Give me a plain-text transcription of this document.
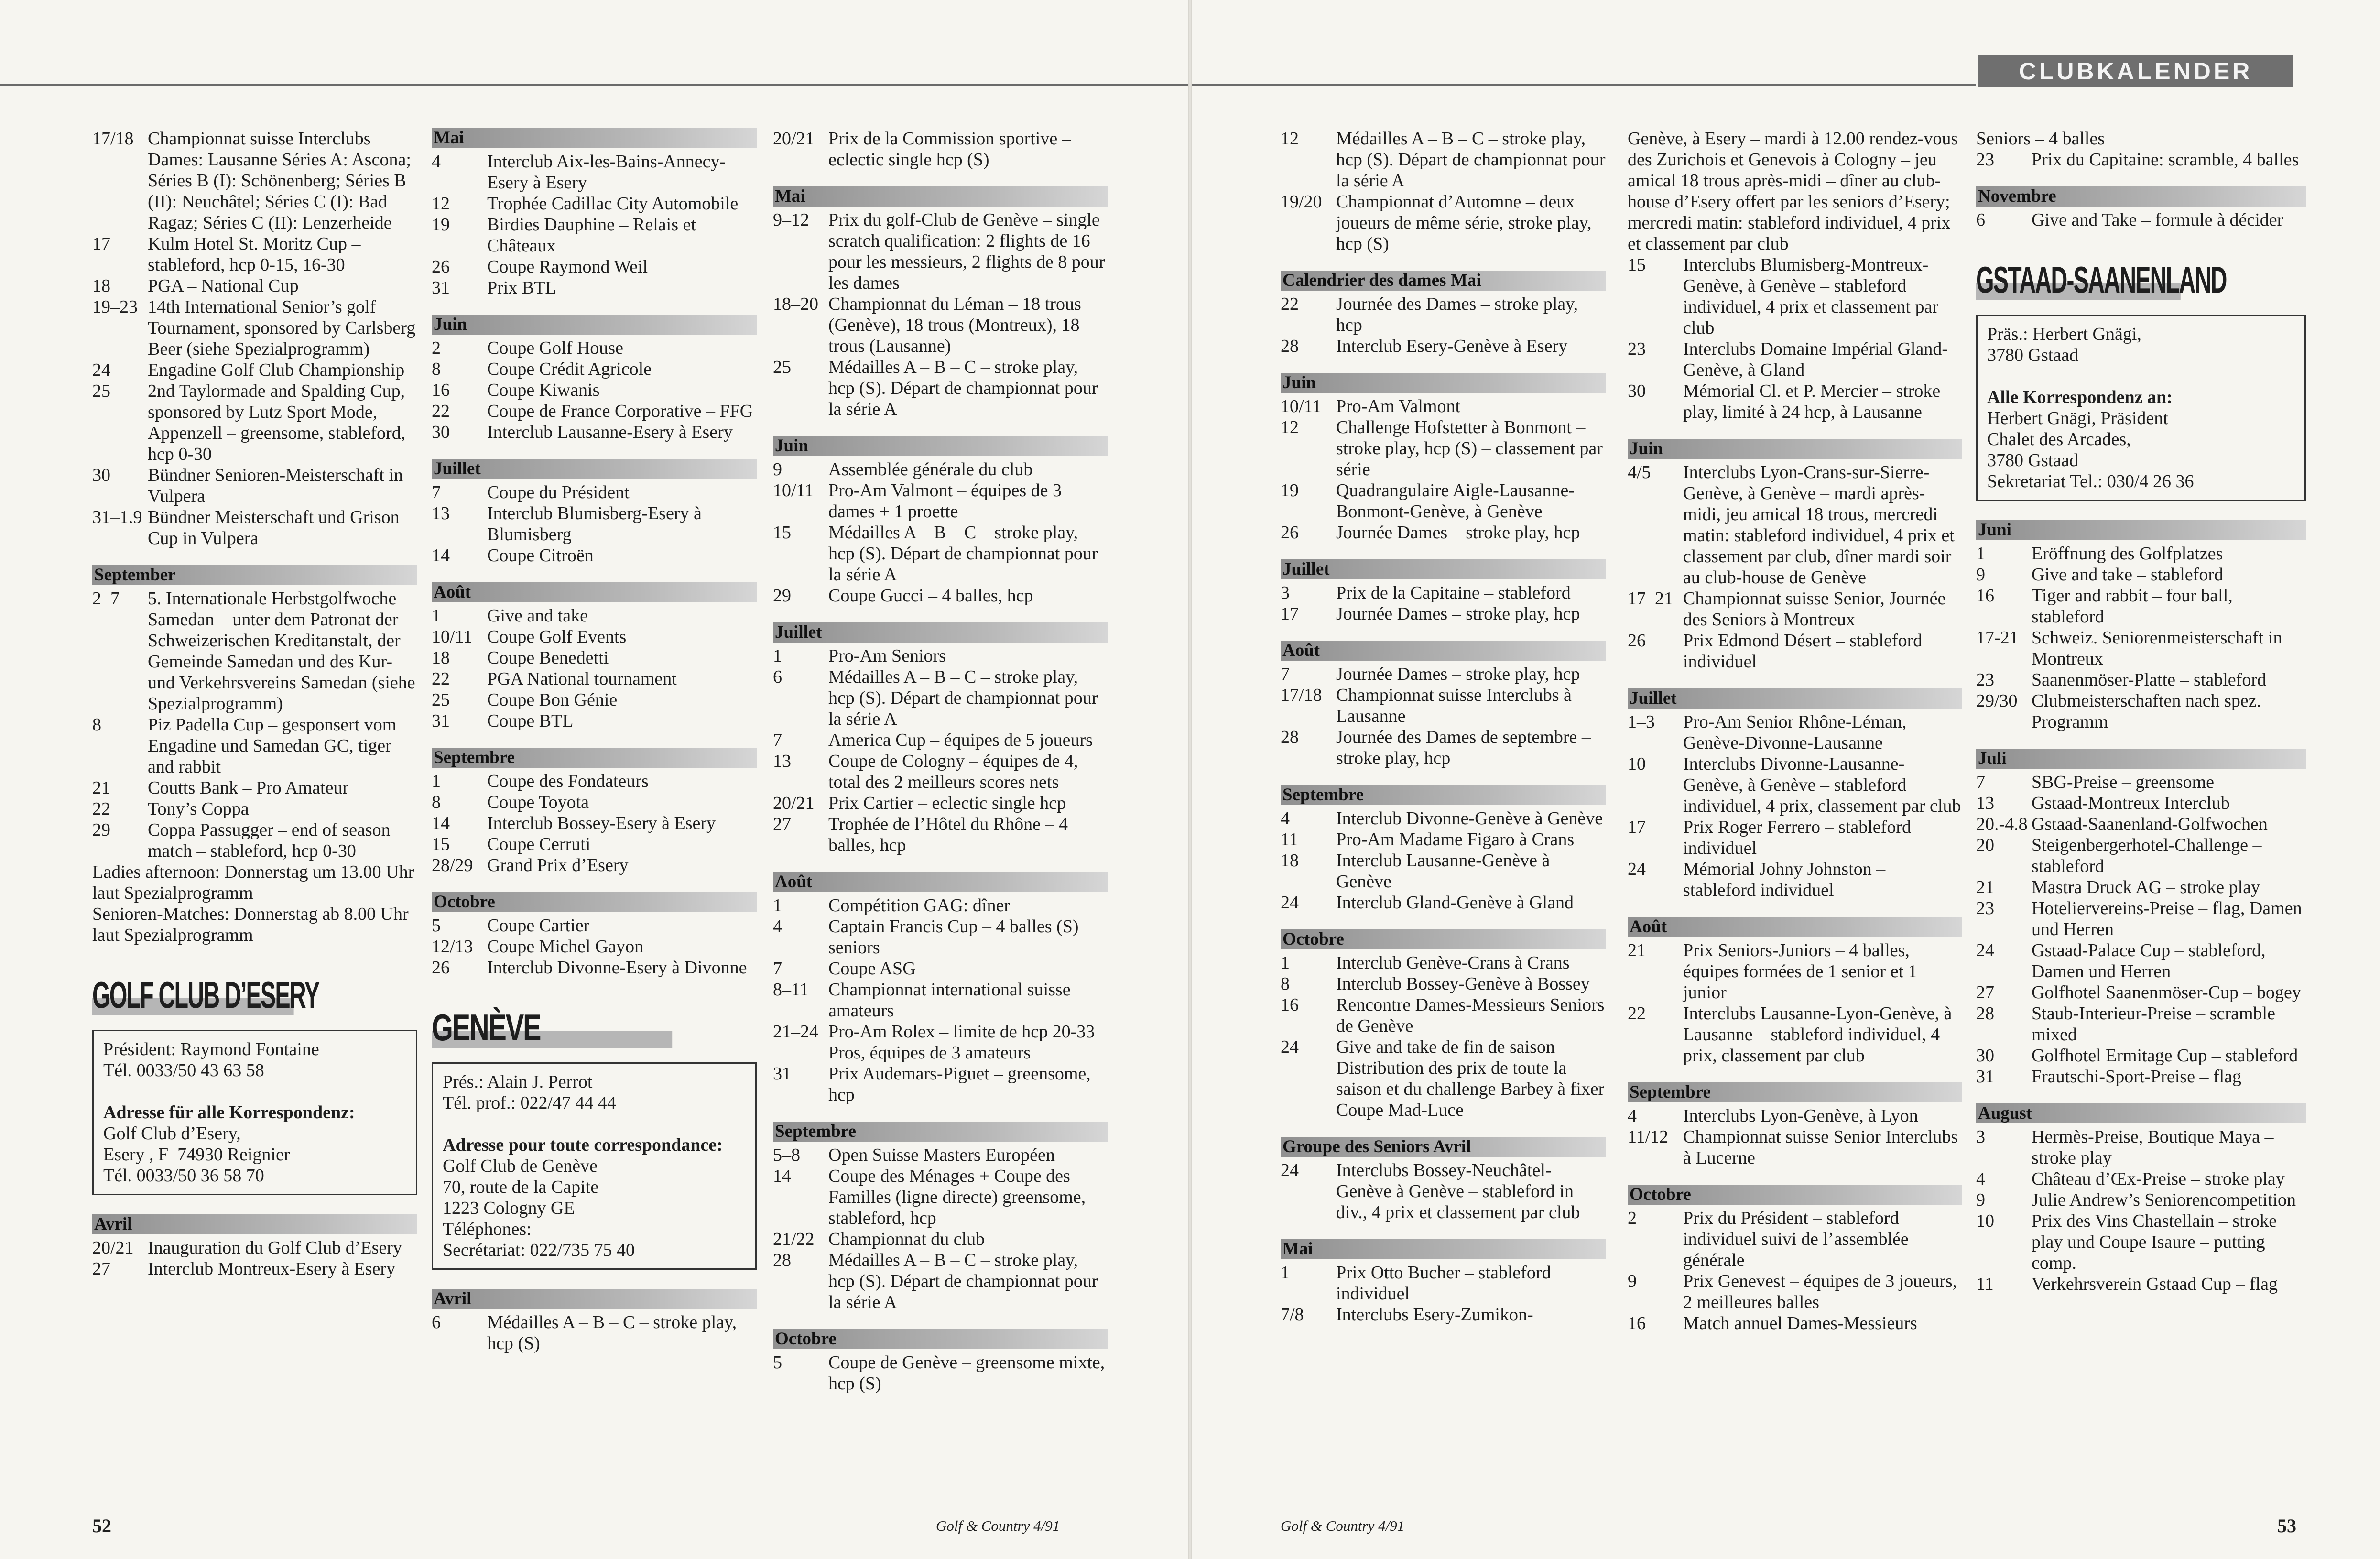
17/18 Championnat suisse Interclubs Dames: Lausanne Séries A: Ascona; Séries B (I): Schönenberg; Séries B (II): Neuchâtel; Séries C (I): Bad Ragaz; Séries C (II): Lenzerheide
17	Kulm Hotel St. Moritz Cup – stableford, hcp 0-15, 16-30
18	PGA – National Cup
19–23 14th International Senior’s golf Tournament, sponsored by Carlsberg Beer (siehe Spezialprogramm)
24	Engadine Golf Club Championship
25	2nd Taylormade and Spalding Cup, sponsored by Lutz Sport Mode, Appenzell – greensome, stableford, hcp 0-30
30	Bündner Senioren-Meisterschaft in Vulpera
31–1.9 Bündner Meisterschaft und Grison Cup in Vulpera
September
2–7	5. Internationale Herbstgolfwoche Samedan – unter dem Patronat der Schweizerischen Kreditanstalt, der Gemeinde Samedan und des Kur- und Verkehrsvereins Samedan (siehe Spezialprogramm)
8	Piz Padella Cup – gesponsert vom Engadine und Samedan GC, tiger and rabbit
21	Coutts Bank – Pro Amateur
22	Tony’s Coppa
29	Coppa Passugger – end of season match – stableford, hcp 0-30
Ladies afternoon: Donnerstag um 13.00 Uhr laut Spezialprogramm
Senioren-Matches: Donnerstag ab 8.00 Uhr laut Spezialprogramm
GOLF CLUB D’ESERY
Président: Raymond Fontaine
Tél. 0033/50 43 63 58
Adresse für alle Korrespondenz:
Golf Club d’Esery,
Esery , F–74930 Reignier
Tél. 0033/50 36 58 70
Avril
20/21 Inauguration du Golf Club d’Esery
27	Interclub Montreux-Esery à Esery
Mai
4	Interclub Aix-les-Bains-Annecy-Esery à Esery
12	Trophée Cadillac City Automobile
19	Birdies Dauphine – Relais et Châteaux
26	Coupe Raymond Weil
31	Prix BTL
Juin
2	Coupe Golf House
8	Coupe Crédit Agricole
16	Coupe Kiwanis
22	Coupe de France Corporative – FFG
30	Interclub Lausanne-Esery à Esery
Juillet
7	Coupe du Président
13	Interclub Blumisberg-Esery à Blumisberg
14	Coupe Citroën
Août
1	Give and take
10/11 Coupe Golf Events
18	Coupe Benedetti
22	PGA National tournament
25	Coupe Bon Génie
31	Coupe BTL
Septembre
1	Coupe des Fondateurs
8	Coupe Toyota
14	Interclub Bossey-Esery à Esery
15	Coupe Cerruti
28/29 Grand Prix d’Esery
Octobre
5	Coupe Cartier
12/13 Coupe Michel Gayon
26	Interclub Divonne-Esery à Divonne
GENÈVE
Prés.: Alain J. Perrot
Tél. prof.: 022/47 44 44
Adresse pour toute correspondance:
Golf Club de Genève
70, route de la Capite
1223 Cologny GE
Téléphones:
Secrétariat: 022/735 75 40
Avril
6	Médailles A – B – C – stroke play, hcp (S)
20/21 Prix de la Commission sportive – eclectic single hcp (S)
Mai
9–12	Prix du golf-Club de Genève – single scratch qualification: 2 flights de 16 pour les messieurs, 2 flights de 8 pour les dames
18–20 Championnat du Léman – 18 trous (Genève), 18 trous (Montreux), 18 trous (Lausanne)
25	Médailles A – B – C – stroke play, hcp (S). Départ de championnat pour la série A
Juin
9	Assemblée générale du club
10/11 Pro-Am Valmont – équipes de 3 dames + 1 proette
15	Médailles A – B – C – stroke play, hcp (S). Départ de championnat pour la série A
29	Coupe Gucci – 4 balles, hcp
Juillet
1	Pro-Am Seniors
6	Médailles A – B – C – stroke play, hcp (S). Départ de championnat pour la série A
7	America Cup – équipes de 5 joueurs
13	Coupe de Cologny – équipes de 4, total des 2 meilleurs scores nets
20/21 Prix Cartier – eclectic single hcp
27	Trophée de l’Hôtel du Rhône – 4 balles, hcp
Août
1	Compétition GAG: dîner
4	Captain Francis Cup – 4 balles (S) seniors
7	Coupe ASG
8–11	Championnat international suisse amateurs
21–24 Pro-Am Rolex – limite de hcp 20-33 Pros, équipes de 3 amateurs
31	Prix Audemars-Piguet – greensome, hcp
Septembre
5–8	Open Suisse Masters Européen
14	Coupe des Ménages + Coupe des Familles (ligne directe) greensome, stableford, hcp
21/22 Championnat du club
28	Médailles A – B – C – stroke play, hcp (S). Départ de championnat pour la série A
Octobre
5	Coupe de Genève – greensome mixte, hcp (S)
52	Golf & Country 4/91
12	Médailles A – B – C – stroke play, hcp (S). Départ de championnat pour la série A
19/20 Championnat d’Automne – deux joueurs de même série, stroke play, hcp (S)
Calendrier des dames Mai
22	Journée des Dames – stroke play, hcp
28	Interclub Esery-Genève à Esery
Juin
10/11 Pro-Am Valmont
12	Challenge Hofstetter à Bonmont – stroke play, hcp (S) – classement par série
19	Quadrangulaire Aigle-Lausanne-Bonmont-Genève, à Genève
26	Journée Dames – stroke play, hcp
Juillet
3	Prix de la Capitaine – stableford
17	Journée Dames – stroke play, hcp
Août
7	Journée Dames – stroke play, hcp
17/18 Championnat suisse Interclubs à Lausanne
28	Journée des Dames de septembre – stroke play, hcp
Septembre
4	Interclub Divonne-Genève à Genève
11	Pro-Am Madame Figaro à Crans
18	Interclub Lausanne-Genève à Genève
24	Interclub Gland-Genève à Gland
Octobre
1	Interclub Genève-Crans à Crans
8	Interclub Bossey-Genève à Bossey
16	Rencontre Dames-Messieurs Seniors de Genève
24	Give and take de fin de saison Distribution des prix de toute la saison et du challenge Barbey à fixer Coupe Mad-Luce
Groupe des Seniors Avril
24	Interclubs Bossey-Neuchâtel-Genève à Genève – stableford in div., 4 prix et classement par club
Mai
1	Prix Otto Bucher – stableford individuel
7/8	Interclubs Esery-Zumikon-
Genève, à Esery – mardi à 12.00 rendez-vous des Zurichois et Genevois à Cologny – jeu amical 18 trous après-midi – dîner au club-house d’Esery offert par les seniors d’Esery; mercredi matin: stableford individuel, 4 prix et classement par club
15	Interclubs Blumisberg-Montreux-Genève, à Genève – stableford individuel, 4 prix et classement par club
23	Interclubs Domaine Impérial Gland-Genève, à Gland
30	Mémorial Cl. et P. Mercier – stroke play, limité à 24 hcp, à Lausanne
Juin
4/5	Interclubs Lyon-Crans-sur-Sierre-Genève, à Genève – mardi après-midi, jeu amical 18 trous, mercredi matin: stableford individuel, 4 prix et classement par club, dîner mardi soir au club-house de Genève
17–21 Championnat suisse Senior, Journée des Seniors à Montreux
26	Prix Edmond Désert – stableford individuel
Juillet
1–3	Pro-Am Senior Rhône-Léman, Genève-Divonne-Lausanne
10	Interclubs Divonne-Lausanne-Genève, à Genève – stableford individuel, 4 prix, classement par club
17	Prix Roger Ferrero – stableford individuel
24	Mémorial Johny Johnston – stableford individuel
Août
21	Prix Seniors-Juniors – 4 balles, équipes formées de 1 senior et 1 junior
22	Interclubs Lausanne-Lyon-Genève, à Lausanne – stableford individuel, 4 prix, classement par club
Septembre
4	Interclubs Lyon-Genève, à Lyon
11/12 Championnat suisse Senior Interclubs à Lucerne
Octobre
2	Prix du Président – stableford individuel suivi de l’assemblée générale
9	Prix Genevest – équipes de 3 joueurs, 2 meilleures balles
16	Match annuel Dames-Messieurs
Seniors – 4 balles
23	Prix du Capitaine: scramble, 4 balles
Novembre
6	Give and Take – formule à décider
GSTAAD-SAANENLAND
Präs.: Herbert Gnägi,
3780 Gstaad
Alle Korrespondenz an:
Herbert Gnägi, Präsident
Chalet des Arcades,
3780 Gstaad
Sekretariat Tel.: 030/4 26 36
Juni
1	Eröffnung des Golfplatzes
9	Give and take – stableford
16	Tiger and rabbit – four ball, stableford
17-21 Schweiz. Seniorenmeisterschaft in Montreux
23	Saanenmöser-Platte – stableford
29/30 Clubmeisterschaften nach spez. Programm
Juli
7	SBG-Preise – greensome
13	Gstaad-Montreux Interclub
20.-4.8 Gstaad-Saanenland-Golfwochen
20	Steigenbergerhotel-Challenge – stableford
21	Mastra Druck AG – stroke play
23	Hoteliervereins-Preise – flag, Damen und Herren
24	Gstaad-Palace Cup – stableford, Damen und Herren
27	Golfhotel Saanenmöser-Cup – bogey
28	Staub-Interieur-Preise – scramble mixed
30	Golfhotel Ermitage Cup – stableford
31	Frautschi-Sport-Preise – flag
August
3	Hermès-Preise, Boutique Maya – stroke play
4	Château d’Œx-Preise – stroke play
9	Julie Andrew’s Seniorencompetition
10	Prix des Vins Chastellain – stroke play und Coupe Isaure – putting comp.
11	Verkehrsverein Gstaad Cup – flag
Golf & Country 4/91	53
CLUBKALENDER
